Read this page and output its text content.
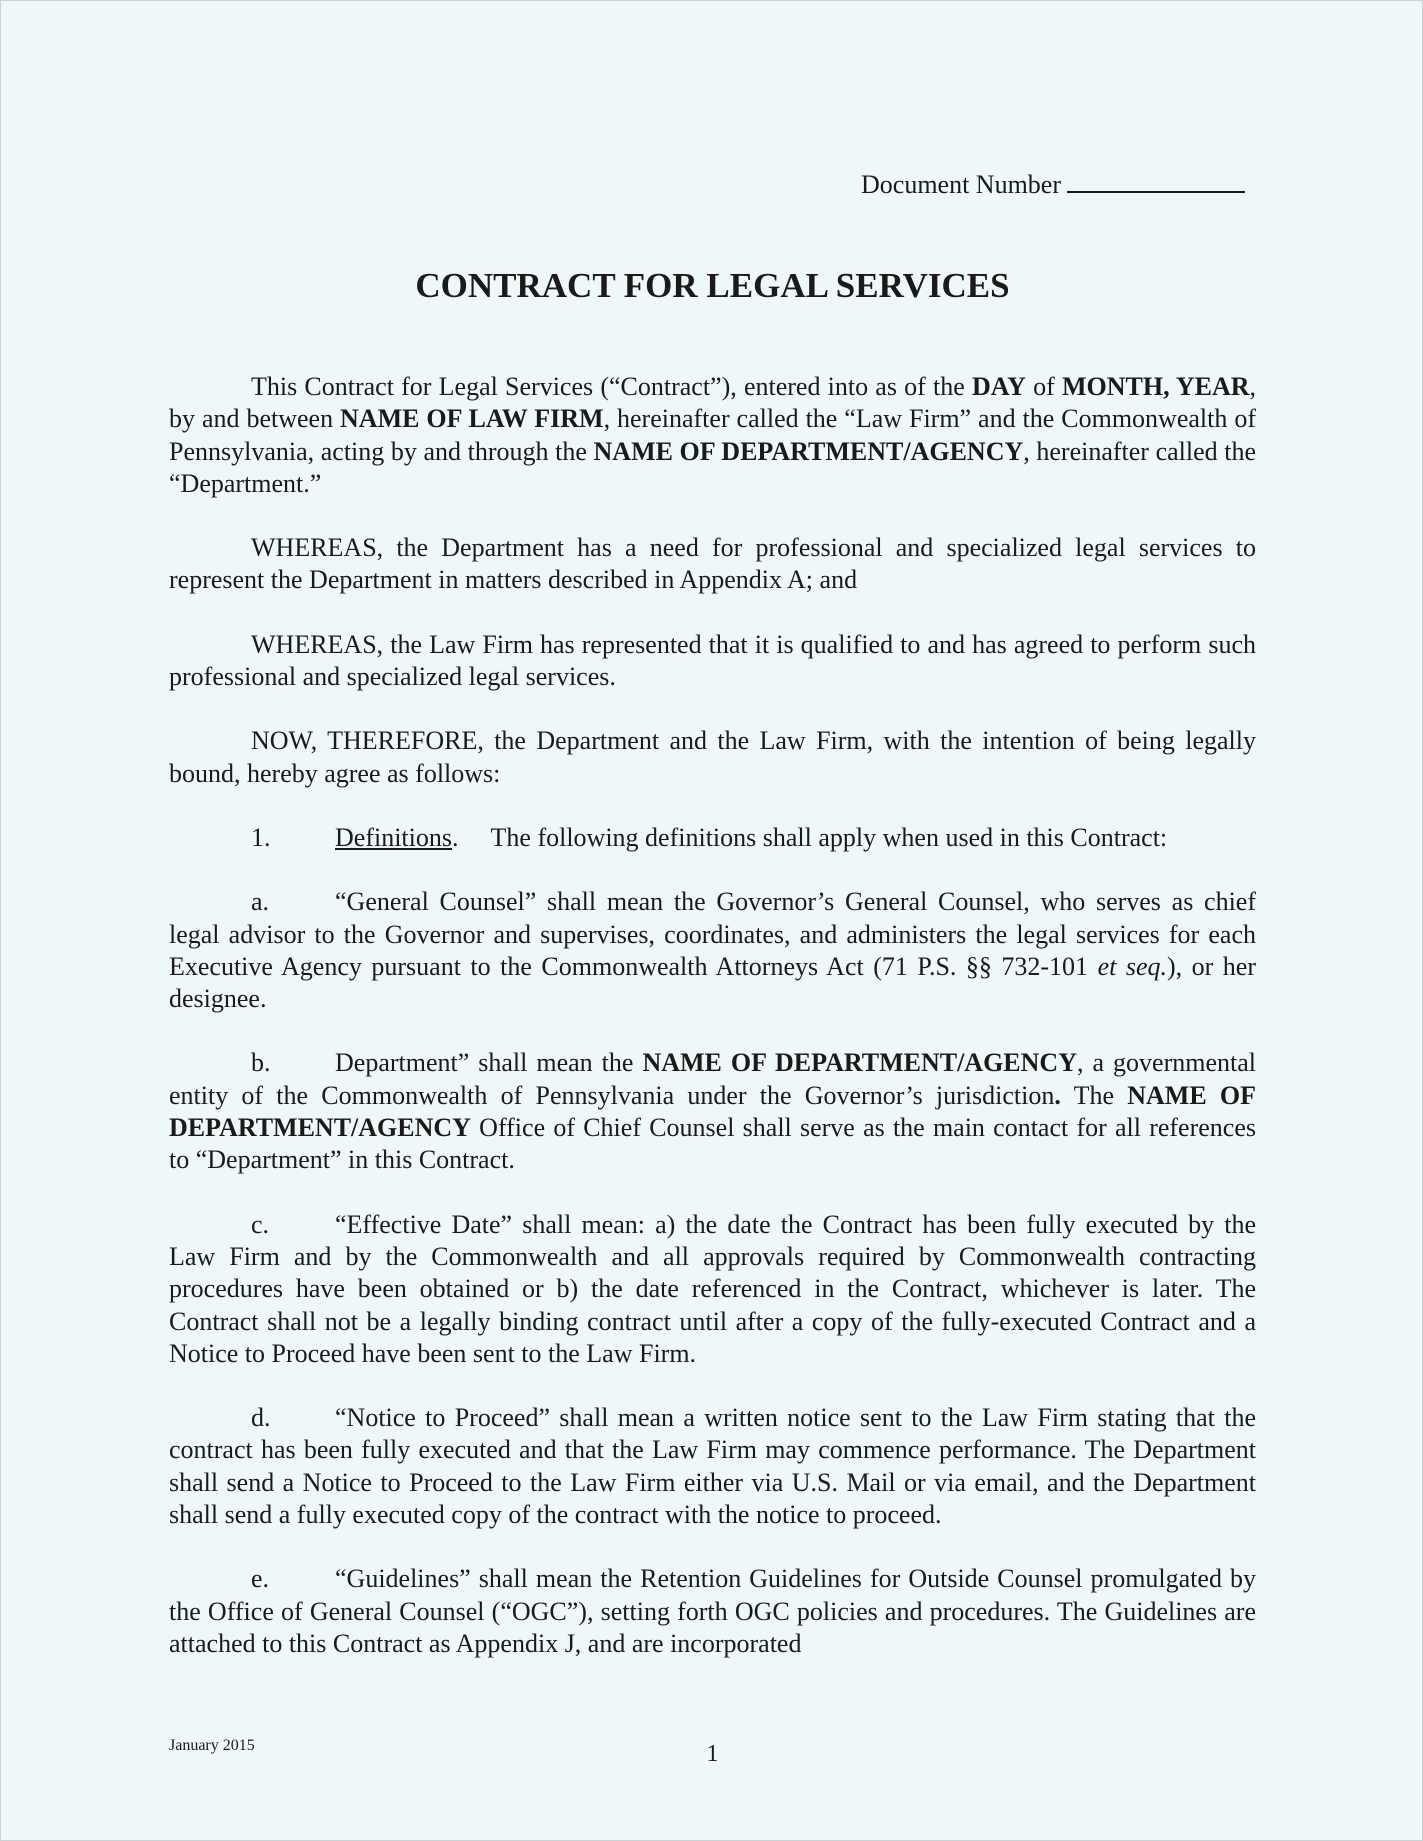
Document Number
CONTRACT FOR LEGAL SERVICES

This Contract for Legal Services (“Contract”), entered into as of the DAY of MONTH, YEAR, by and between NAME OF LAW FIRM, hereinafter called the “Law Firm” and the Commonwealth of Pennsylvania, acting by and through the NAME OF DEPARTMENT/AGENCY, hereinafter called the “Department.”

WHEREAS, the Department has a need for professional and specialized legal services to represent the Department in matters described in Appendix A; and

WHEREAS, the Law Firm has represented that it is qualified to and has agreed to perform such professional and specialized legal services.

NOW, THEREFORE, the Department and the Law Firm, with the intention of being legally bound, hereby agree as follows:

1. Definitions.     The following definitions shall apply when used in this Contract:

a.	“General Counsel” shall mean the Governor’s General Counsel, who serves as chief legal advisor to the Governor and supervises, coordinates, and administers the legal services for each Executive Agency pursuant to the Commonwealth Attorneys Act (71 P.S. §§ 732-101 et seq.), or her designee.

b. Department” shall mean the NAME OF DEPARTMENT/AGENCY, a governmental entity of the Commonwealth of Pennsylvania under the Governor’s jurisdiction. The NAME OF DEPARTMENT/AGENCY Office of Chief Counsel shall serve as the main contact for all references to “Department” in this Contract.

c.	“Effective Date” shall mean: a) the date the Contract has been fully executed by the Law Firm and by the Commonwealth and all approvals required by Commonwealth contracting procedures have been obtained or b) the date referenced in the Contract, whichever is later. The Contract shall not be a legally binding contract until after a copy of the fully-executed Contract and a Notice to Proceed have been sent to the Law Firm.

d. “Notice to Proceed” shall mean a written notice sent to the Law Firm stating that the contract has been fully executed and that the Law Firm may commence performance. The Department shall send a Notice to Proceed to the Law Firm either via U.S. Mail or via email, and the Department shall send a fully executed copy of the contract with the notice to proceed.

e.	“Guidelines” shall mean the Retention Guidelines for Outside Counsel promulgated by the Office of General Counsel (“OGC”), setting forth OGC policies and procedures. The Guidelines are attached to this Contract as Appendix J, and are incorporated

January 2015	1
